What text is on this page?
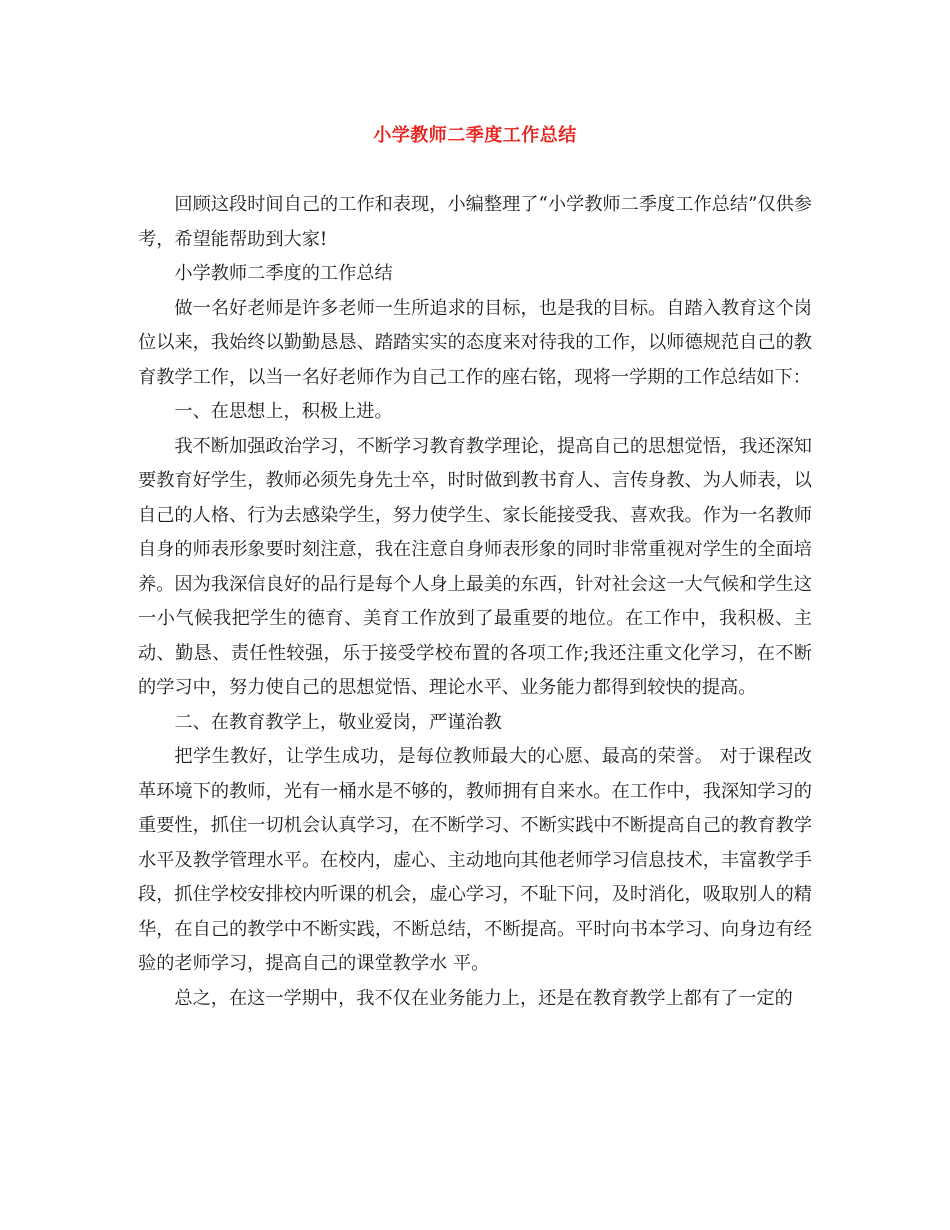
小学教师二季度工作总结

回顾这段时间自己的工作和表现，小编整理了“小学教师二季度工作总结”仅供参考，希望能帮助到大家!

小学教师二季度的工作总结

做一名好老师是许多老师一生所追求的目标，也是我的目标。自踏入教育这个岗位以来，我始终以勤勤恳恳、踏踏实实的态度来对待我的工作，以师德规范自己的教育教学工作，以当一名好老师作为自己工作的座右铭，现将一学期的工作总结如下：

一、在思想上，积极上进。

我不断加强政治学习，不断学习教育教学理论，提高自己的思想觉悟，我还深知要教育好学生，教师必须先身先士卒，时时做到教书育人、言传身教、为人师表，以自己的人格、行为去感染学生，努力使学生、家长能接受我、喜欢我。作为一名教师自身的师表形象要时刻注意，我在注意自身师表形象的同时非常重视对学生的全面培养。因为我深信良好的品行是每个人身上最美的东西，针对社会这一大气候和学生这一小气候我把学生的德育、美育工作放到了最重要的地位。在工作中，我积极、主动、勤恳、责任性较强，乐于接受学校布置的各项工作;我还注重文化学习，在不断的学习中，努力使自己的思想觉悟、理论水平、业务能力都得到较快的提高。

二、在教育教学上，敬业爱岗，严谨治教

把学生教好，让学生成功，是每位教师最大的心愿、最高的荣誉。 对于课程改革环境下的教师，光有一桶水是不够的，教师拥有自来水。在工作中，我深知学习的重要性，抓住一切机会认真学习，在不断学习、不断实践中不断提高自己的教育教学水平及教学管理水平。在校内，虚心、主动地向其他老师学习信息技术，丰富教学手段，抓住学校安排校内听课的机会，虚心学习，不耻下问，及时消化，吸取别人的精华，在自己的教学中不断实践，不断总结，不断提高。平时向书本学习、向身边有经验的老师学习，提高自己的课堂教学水 平。

总之，在这一学期中，我不仅在业务能力上，还是在教育教学上都有了一定的
